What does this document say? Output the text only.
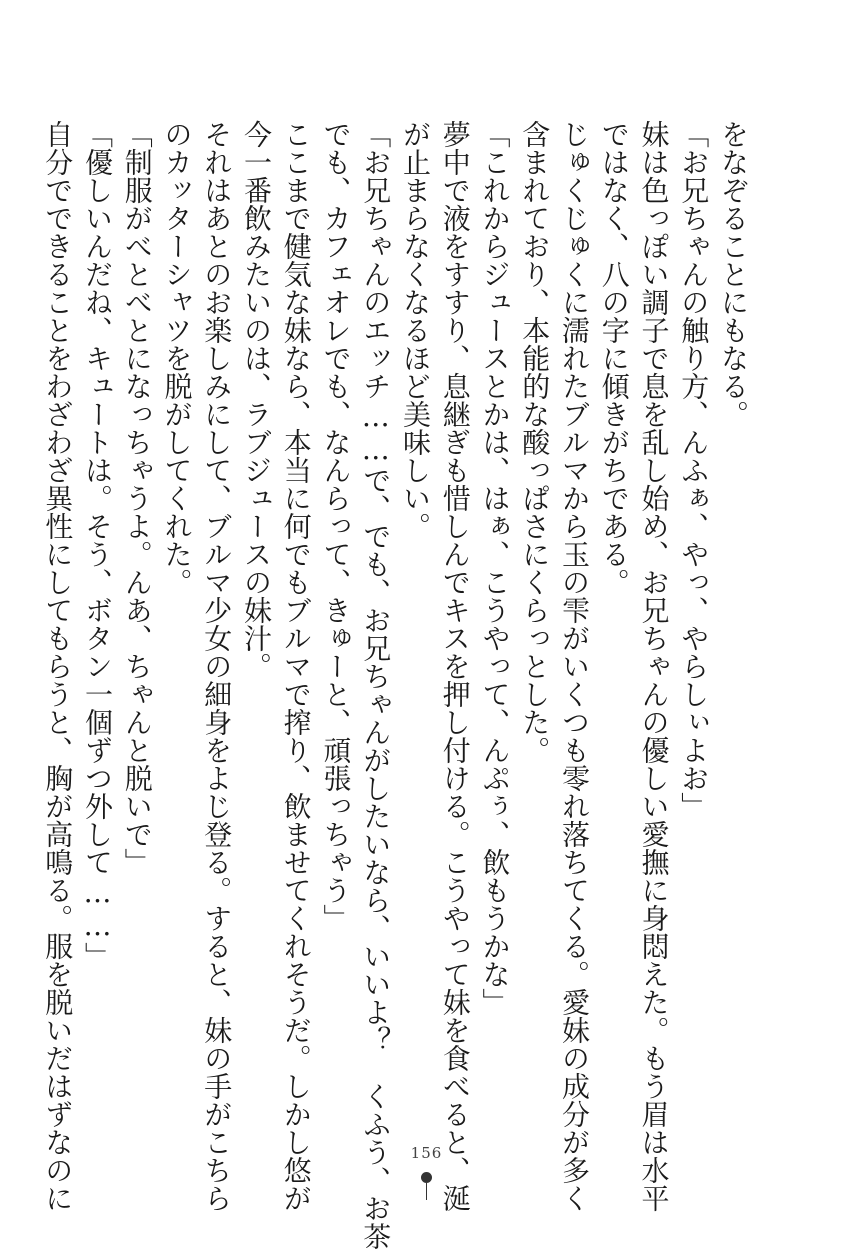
をなぞることにもなる。
「お兄ちゃんの触り方、んふぁ、やっ、やらしぃよお」
妹は色っぽい調子で息を乱し始め、お兄ちゃんの優しい愛撫に身悶えた。もう眉は水平
ではなく、八の字に傾きがちである。
じゅくじゅくに濡れたブルマから玉の雫がいくつも零れ落ちてくる。愛妹の成分が多く
含まれており、本能的な酸っぱさにくらっとした。
「これからジュースとかは、はぁ、こうやって、んぷぅ、飲もうかな」
夢中で液をすすり、息継ぎも惜しんでキスを押し付ける。こうやって妹を食べると、涎
が止まらなくなるほど美味しい。
「お兄ちゃんのエッチ……で、でも、お兄ちゃんがしたいなら、いいよ？　くふう、お茶
でも、カフェオレでも、なんらって、きゅーと、頑張っちゃう」
ここまで健気な妹なら、本当に何でもブルマで搾り、飲ませてくれそうだ。しかし悠が
今一番飲みたいのは、ラブジュースの妹汁。
それはあとのお楽しみにして、ブルマ少女の細身をよじ登る。すると、妹の手がこちら
のカッターシャツを脱がしてくれた。
「制服がべとべとになっちゃうよ。んあ、ちゃんと脱いで」
「優しいんだね、キュートは。そう、ボタン一個ずつ外して……」
自分でできることをわざわざ異性にしてもらうと、胸が高鳴る。服を脱いだはずなのに	156
